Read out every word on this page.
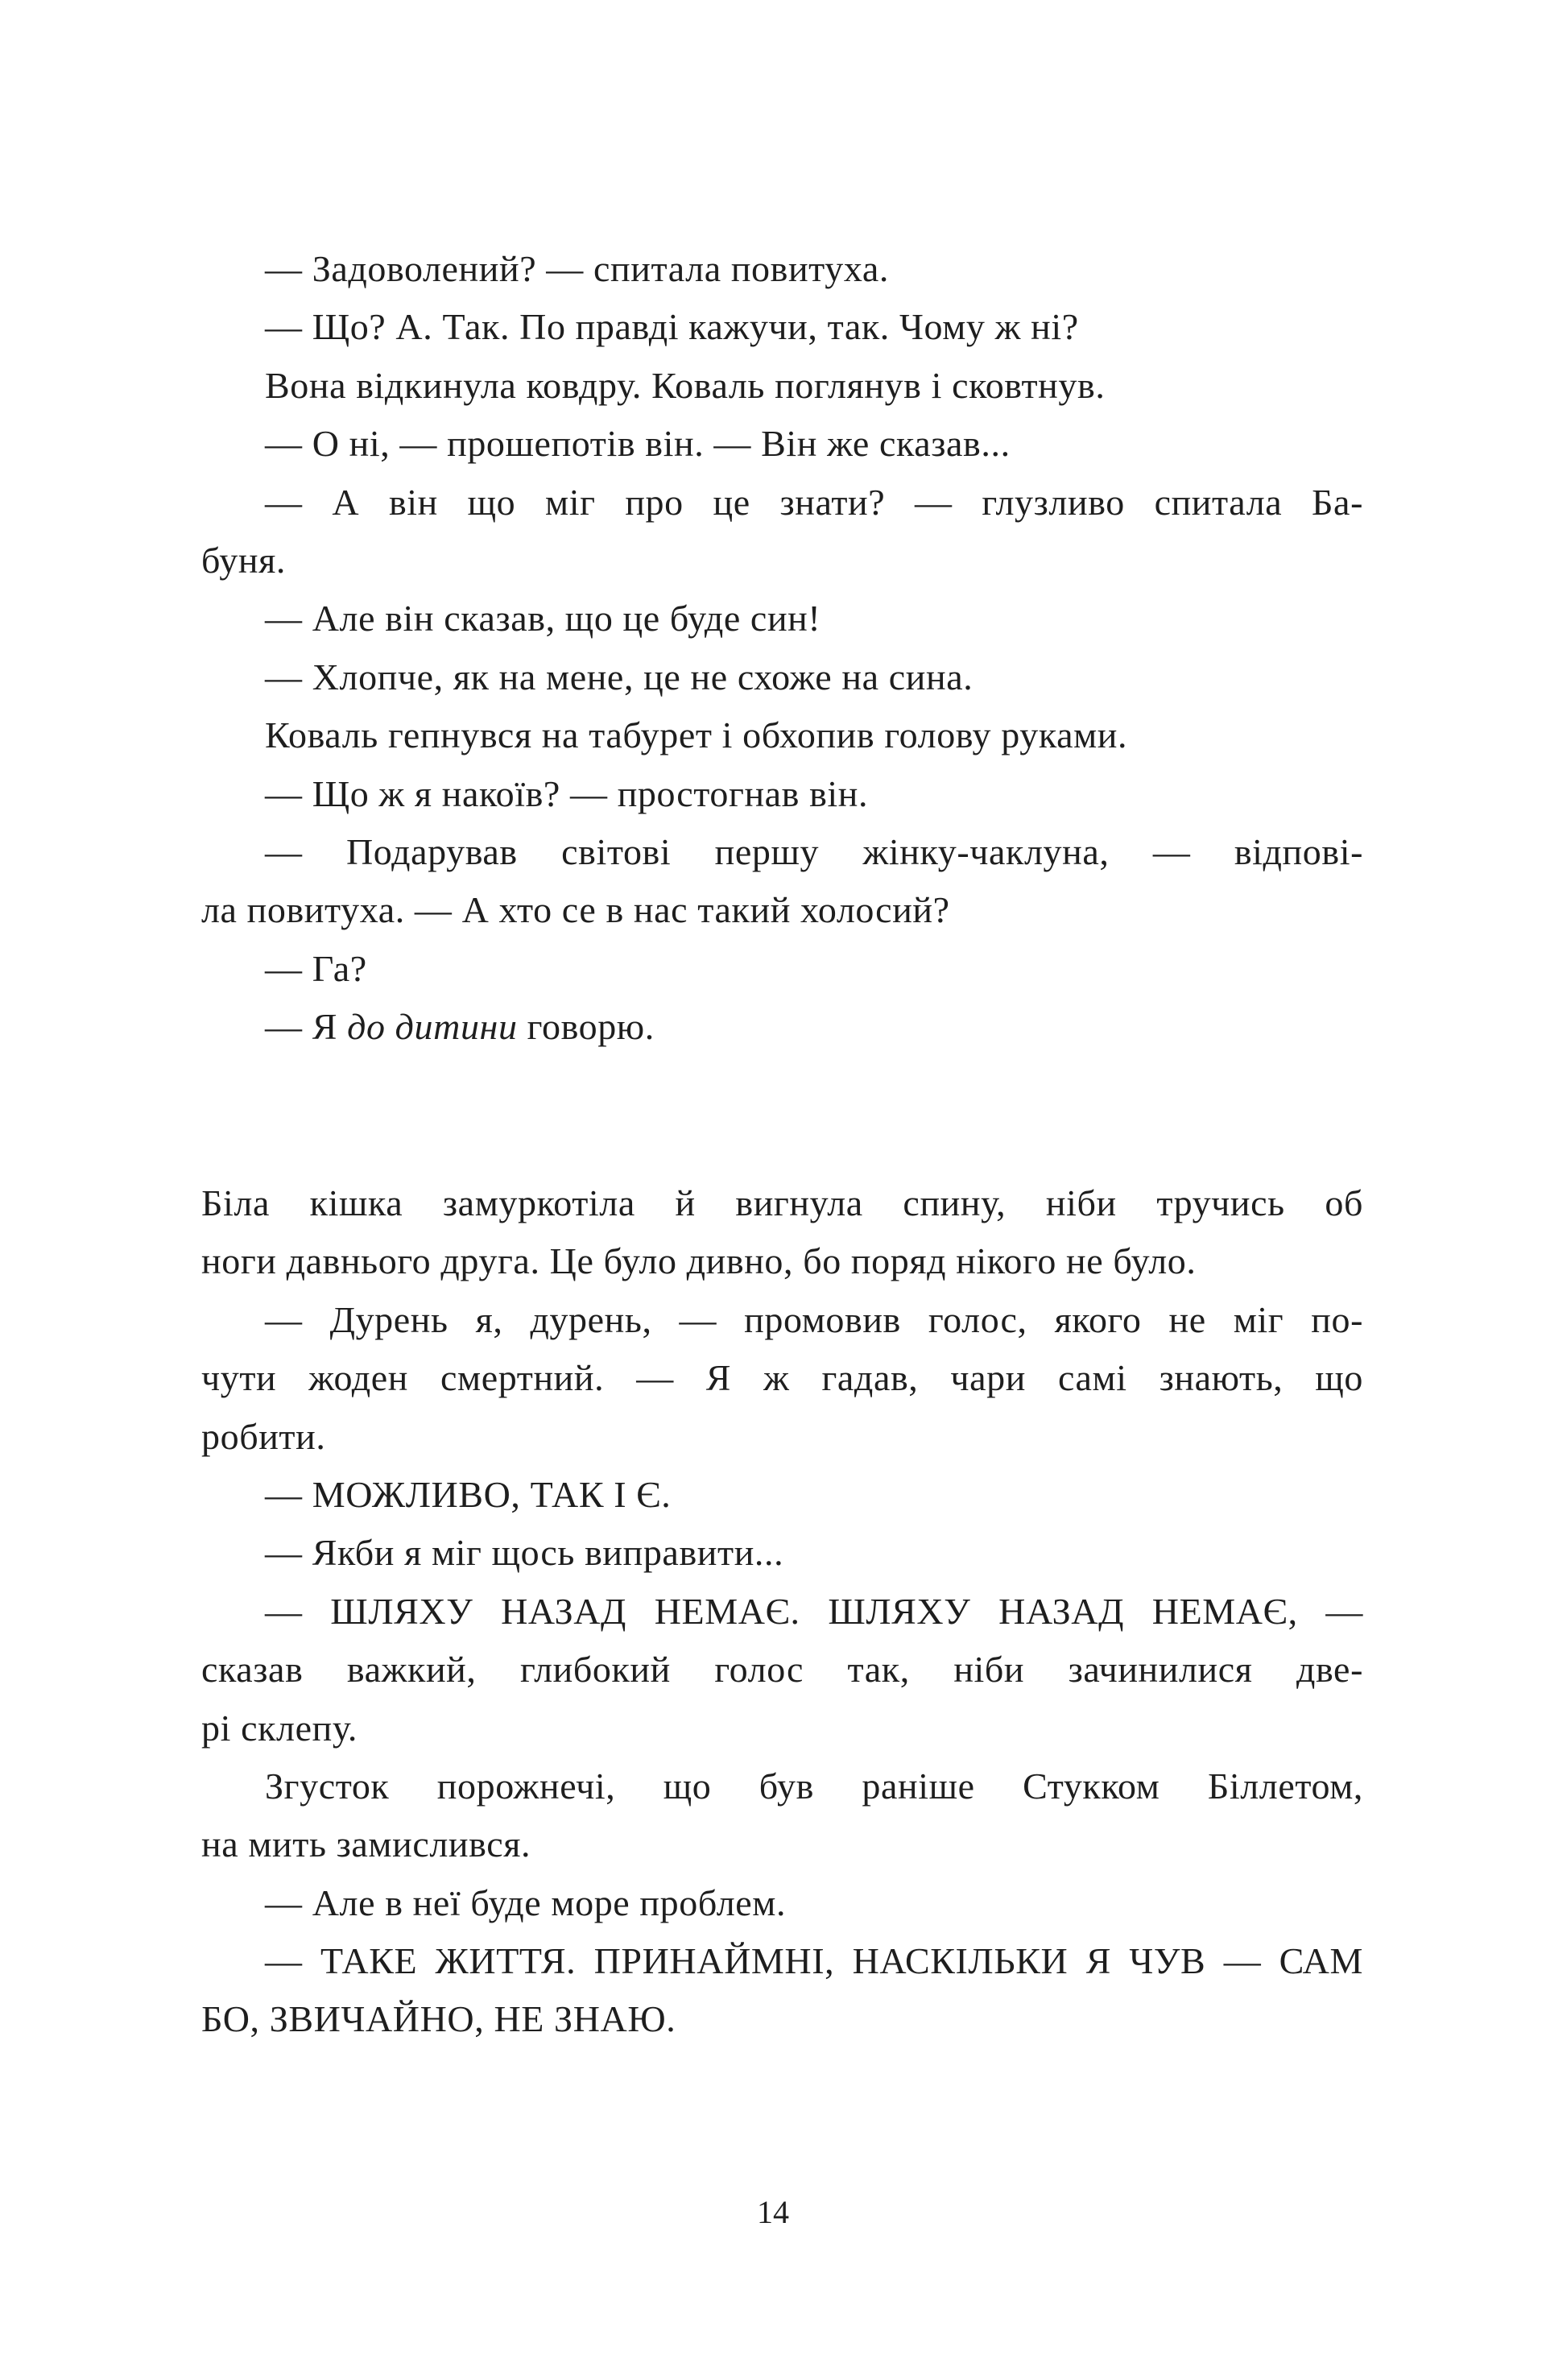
— Задоволений? — спитала повитуха.
— Що? А. Так. По правді кажучи, так. Чому ж ні?
Вона відкинула ковдру. Коваль поглянув і сковтнув.
— О ні, — прошепотів він. — Він же сказав...
— А він що міг про це знати? — глузливо спитала Ба-
буня.
— Але він сказав, що це буде син!
— Хлопче, як на мене, це не схоже на сина.
Коваль гепнувся на табурет і обхопив голову руками.
— Що ж я накоїв? — простогнав він.
— Подарував світові першу жінку-чаклуна, — відпові-
ла повитуха. — А хто се в нас такий холосий?
— Га?
— Я до дитини говорю.
Біла кішка замуркотіла й вигнула спину, ніби тручись об
ноги давнього друга. Це було дивно, бо поряд нікого не було.
— Дурень я, дурень, — промовив голос, якого не міг по-
чути жоден смертний. — Я ж гадав, чари самі знають, що
робити.
— МОЖЛИВО, ТАК І Є.
— Якби я міг щось виправити...
— ШЛЯХУ НАЗАД НЕМАЄ. ШЛЯХУ НАЗАД НЕМАЄ, —
сказав важкий, глибокий голос так, ніби зачинилися две-
рі склепу.
Згусток порожнечі, що був раніше Стукком Біллетом,
на мить замислився.
— Але в неї буде море проблем.
— ТАКЕ ЖИТТЯ. ПРИНАЙМНІ, НАСКІЛЬКИ Я ЧУВ — САМ
БО, ЗВИЧАЙНО, НЕ ЗНАЮ.
14
